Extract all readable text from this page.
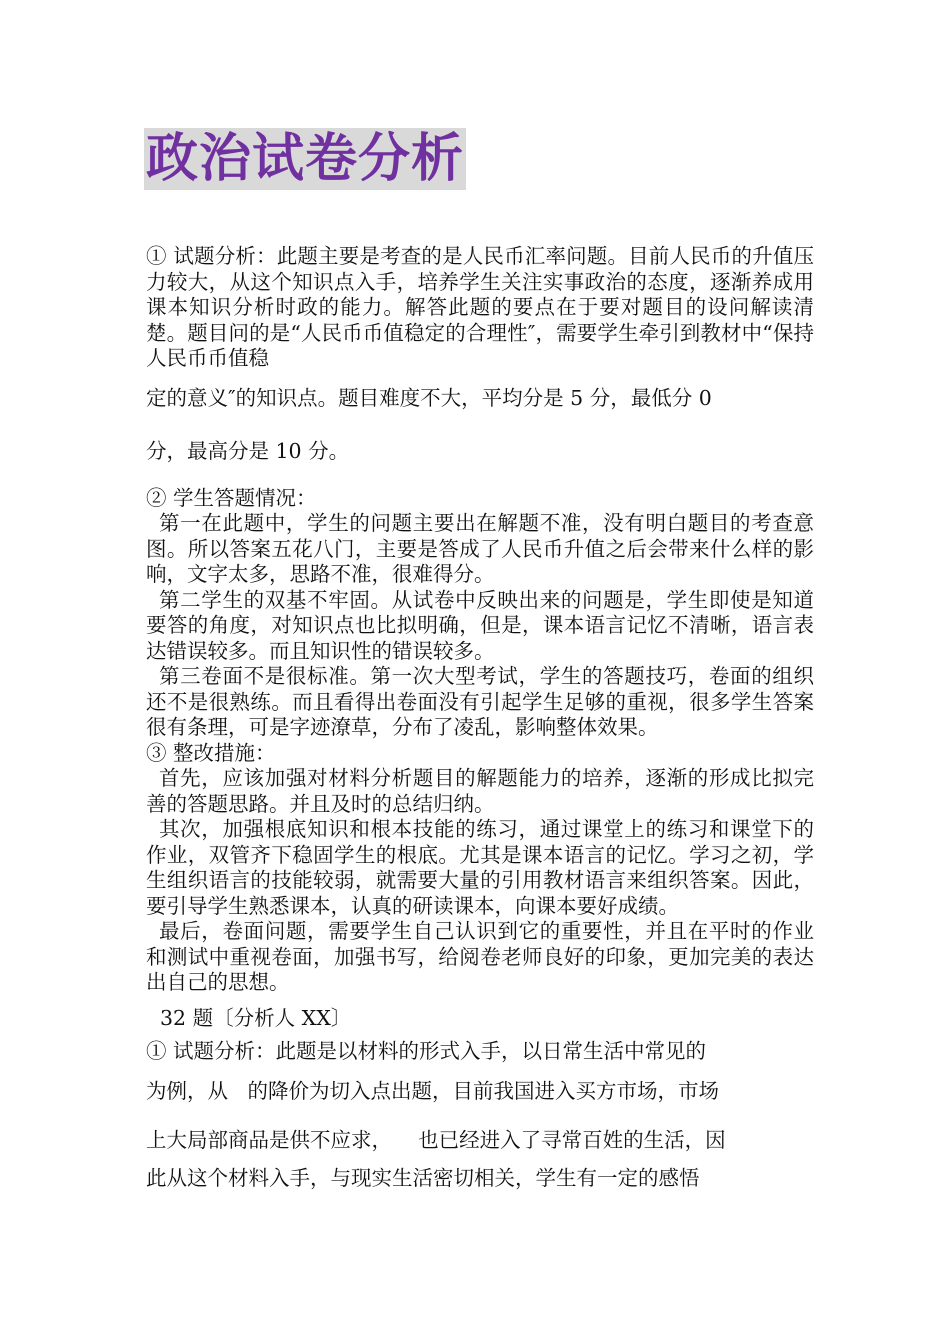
政治试卷分析

① 试题分析：此题主要是考查的是人民币汇率问题。目前人民币的升值压力较大，从这个知识点入手，培养学生关注实事政治的态度，逐渐养成用课本知识分析时政的能力。解答此题的要点在于要对题目的设问解读清楚。题目问的是“人民币币值稳定的合理性″，需要学生牵引到教材中“保持人民币币值稳

定的意义″的知识点。题目难度不大，平均分是 5 分，最低分 0

分，最高分是 10 分。

② 学生答题情况：

第一在此题中，学生的问题主要出在解题不准，没有明白题目的考查意图。所以答案五花八门，主要是答成了人民币升值之后会带来什么样的影响，文字太多，思路不准，很难得分。

第二学生的双基不牢固。从试卷中反映出来的问题是，学生即使是知道要答的角度，对知识点也比拟明确，但是，课本语言记忆不清晰，语言表达错误较多。而且知识性的错误较多。

第三卷面不是很标准。第一次大型考试，学生的答题技巧，卷面的组织还不是很熟练。而且看得出卷面没有引起学生足够的重视，很多学生答案很有条理，可是字迹潦草，分布了凌乱，影响整体效果。

③ 整改措施：

首先，应该加强对材料分析题目的解题能力的培养，逐渐的形成比拟完善的答题思路。并且及时的总结归纳。

其次，加强根底知识和根本技能的练习，通过课堂上的练习和课堂下的作业，双管齐下稳固学生的根底。尤其是课本语言的记忆。学习之初，学生组织语言的技能较弱，就需要大量的引用教材语言来组织答案。因此，要引导学生熟悉课本，认真的研读课本，向课本要好成绩。

最后，卷面问题，需要学生自己认识到它的重要性，并且在平时的作业和测试中重视卷面，加强书写，给阅卷老师良好的印象，更加完美的表达出自己的思想。

32 题〔分析人 XX〕

① 试题分析：此题是以材料的形式入手，以日常生活中常见的

为例，从   的降价为切入点出题，目前我国进入买方市场，市场

上大局部商品是供不应求，    也已经进入了寻常百姓的生活，因

此从这个材料入手，与现实生活密切相关，学生有一定的感悟
